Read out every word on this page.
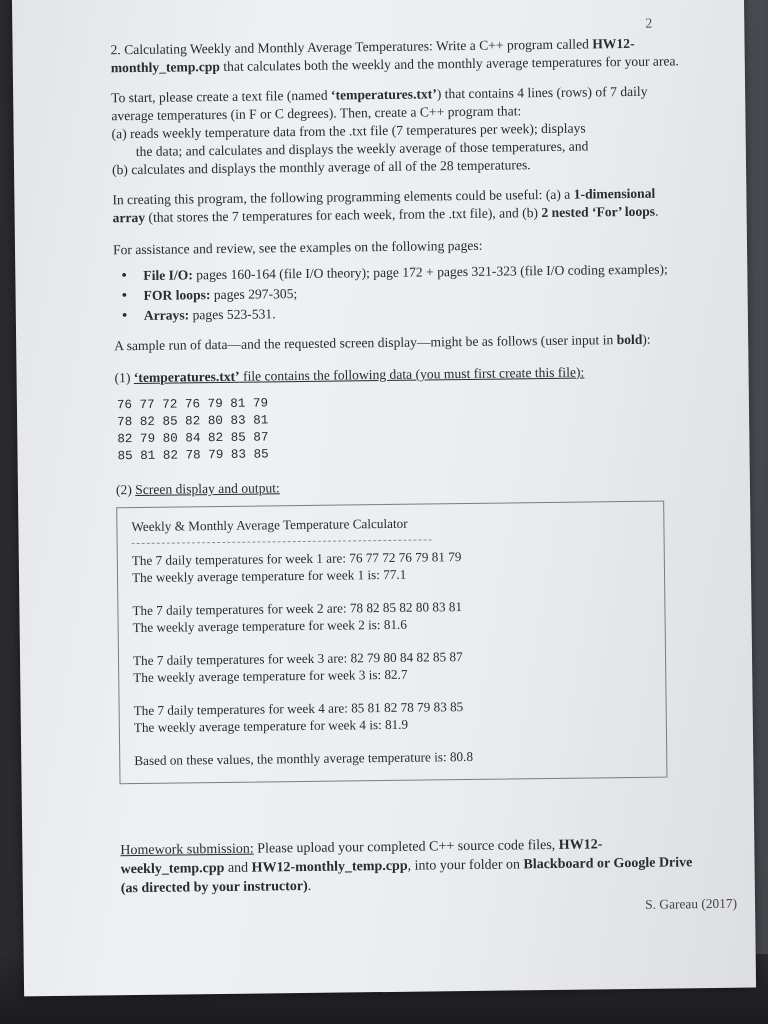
2

2. Calculating Weekly and Monthly Average Temperatures: Write a C++ program called HW12-monthly_temp.cpp that calculates both the weekly and the monthly average temperatures for your area.

To start, please create a text file (named ‘temperatures.txt’) that contains 4 lines (rows) of 7 daily average temperatures (in F or C degrees). Then, create a C++ program that:

(a) reads weekly temperature data from the .txt file (7 temperatures per week); displays

the data; and calculates and displays the weekly average of those temperatures, and

(b) calculates and displays the monthly average of all of the 28 temperatures.

In creating this program, the following programming elements could be useful: (a) a 1-dimensional array (that stores the 7 temperatures for each week, from the .txt file), and (b) 2 nested ‘For’ loops.

For assistance and review, see the examples on the following pages:

• File I/O: pages 160-164 (file I/O theory); page 172 + pages 321-323 (file I/O coding examples);
• FOR loops: pages 297-305;
• Arrays: pages 523-531.

A sample run of data—and the requested screen display—might be as follows (user input in bold):

(1) ‘temperatures.txt’ file contains the following data (you must first create this file):

76 77 72 76 79 81 79
78 82 85 82 80 83 81
82 79 80 84 82 85 87
85 81 82 78 79 83 85

(2) Screen display and output:

Weekly & Monthly Average Temperature Calculator
The 7 daily temperatures for week 1 are: 76 77 72 76 79 81 79
The weekly average temperature for week 1 is: 77.1
The 7 daily temperatures for week 2 are: 78 82 85 82 80 83 81
The weekly average temperature for week 2 is: 81.6
The 7 daily temperatures for week 3 are: 82 79 80 84 82 85 87
The weekly average temperature for week 3 is: 82.7
The 7 daily temperatures for week 4 are: 85 81 82 78 79 83 85
The weekly average temperature for week 4 is: 81.9
Based on these values, the monthly average temperature is: 80.8
Homework submission: Please upload your completed C++ source code files, HW12-weekly_temp.cpp and HW12-monthly_temp.cpp, into your folder on Blackboard or Google Drive (as directed by your instructor).
S. Gareau (2017)
